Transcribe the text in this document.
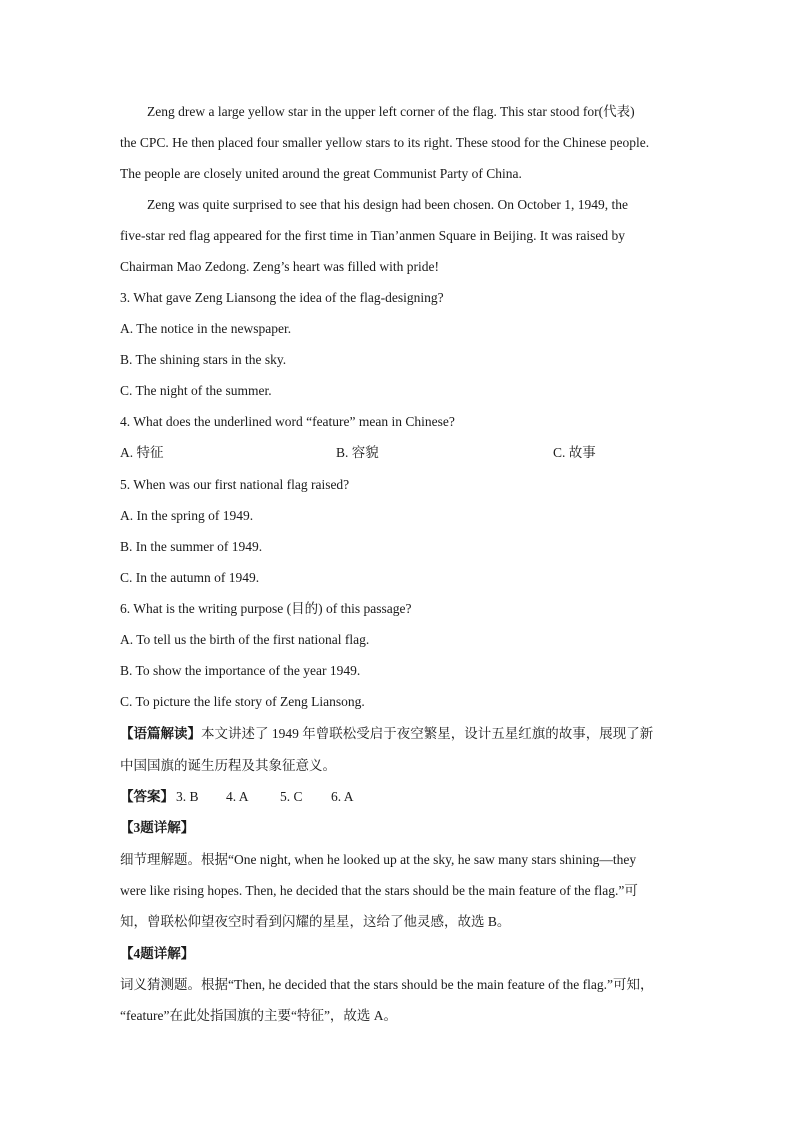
Zeng drew a large yellow star in the upper left corner of the flag. This star stood for(代表)
the CPC. He then placed four smaller yellow stars to its right. These stood for the Chinese people.
The people are closely united around the great Communist Party of China.
Zeng was quite surprised to see that his design had been chosen. On October 1, 1949, the
five-star red flag appeared for the first time in Tian’anmen Square in Beijing. It was raised by
Chairman Mao Zedong. Zeng’s heart was filled with pride!
3. What gave Zeng Liansong the idea of the flag-designing?
A. The notice in the newspaper.
B. The shining stars in the sky.
C. The night of the summer.
4. What does the underlined word “feature” mean in Chinese?
A. 特征	B. 容貌	C. 故事
5. When was our first national flag raised?
A. In the spring of 1949.
B. In the summer of 1949.
C. In the autumn of 1949.
6. What is the writing purpose (目的) of this passage?
A. To tell us the birth of the first national flag.
B. To show the importance of the year 1949.
C. To picture the life story of Zeng Liansong.
【语篇解读】本文讲述了 1949 年曾联松受启于夜空繁星，设计五星红旗的故事，展现了新
中国国旗的诞生历程及其象征意义。
【答案】 3. B 4. A 5. C 6. A
【3题详解】
细节理解题。根据“One night, when he looked up at the sky, he saw many stars shining—they
were like rising hopes. Then, he decided that the stars should be the main feature of the flag.”可
知，曾联松仰望夜空时看到闪耀的星星，这给了他灵感，故选 B。
【4题详解】
词义猜测题。根据“Then, he decided that the stars should be the main feature of the flag.”可知，
“feature”在此处指国旗的主要“特征”，故选 A。
